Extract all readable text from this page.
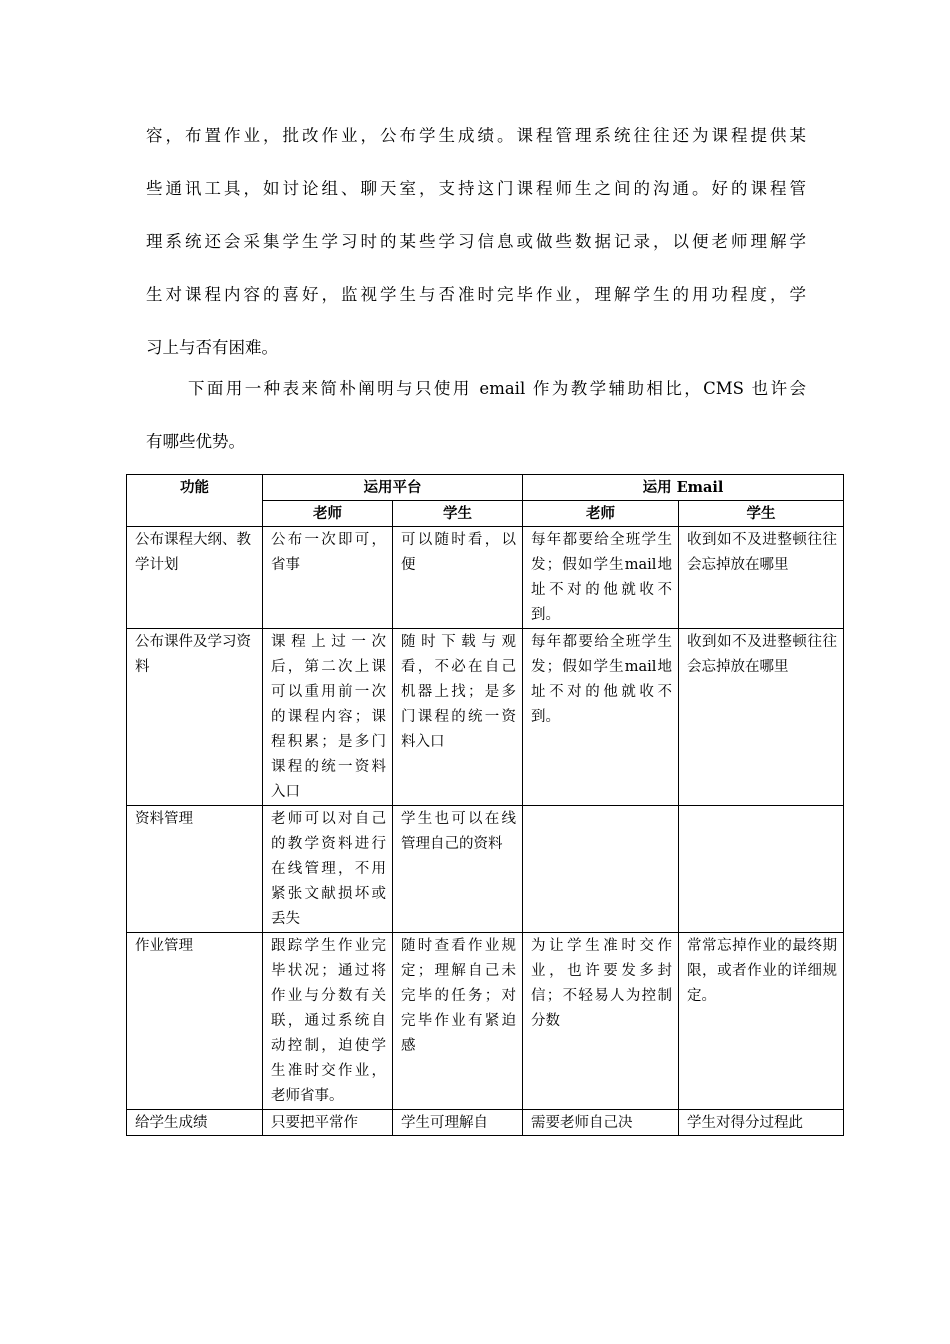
容，布置作业，批改作业，公布学生成绩。课程管理系统往往还为课程提供某
些通讯工具，如讨论组、聊天室，支持这门课程师生之间的沟通。好的课程管
理系统还会采集学生学习时的某些学习信息或做些数据记录，以便老师理解学
生对课程内容的喜好，监视学生与否准时完毕作业，理解学生的用功程度，学
习上与否有困难。
下面用一种表来简朴阐明与只使用 email 作为教学辅助相比，CMS 也许会
有哪些优势。
功能	运用平台		运用 Email	
	老师	学生	老师	学生
公布课程大纲、教学计划	公布一次即可，省事	可以随时看，以便	每年都要给全班学生发；假如学生mail地址不对的他就收不到。	收到如不及进整顿往往会忘掉放在哪里
公布课件及学习资料	课程上过一次后，第二次上课可以重用前一次的课程内容；课程积累；是多门课程的统一资料入口	随时下载与观看，不必在自己机器上找；是多门课程的统一资料入口	每年都要给全班学生发；假如学生mail地址不对的他就收不到。	收到如不及进整顿往往会忘掉放在哪里
资料管理	老师可以对自己的教学资料进行在线管理，不用紧张文献损坏或丢失	学生也可以在线管理自己的资料		
作业管理	跟踪学生作业完毕状况；通过将作业与分数有关联，通过系统自动控制，迫使学生准时交作业，老师省事。	随时查看作业规定；理解自己未完毕的任务；对完毕作业有紧迫感	为让学生准时交作业，也许要发多封信；不轻易人为控制分数	常常忘掉作业的最终期限，或者作业的详细规定。

给学生成绩	只要把平常作	学生可理解自	需要老师自己决	学生对得分过程此
